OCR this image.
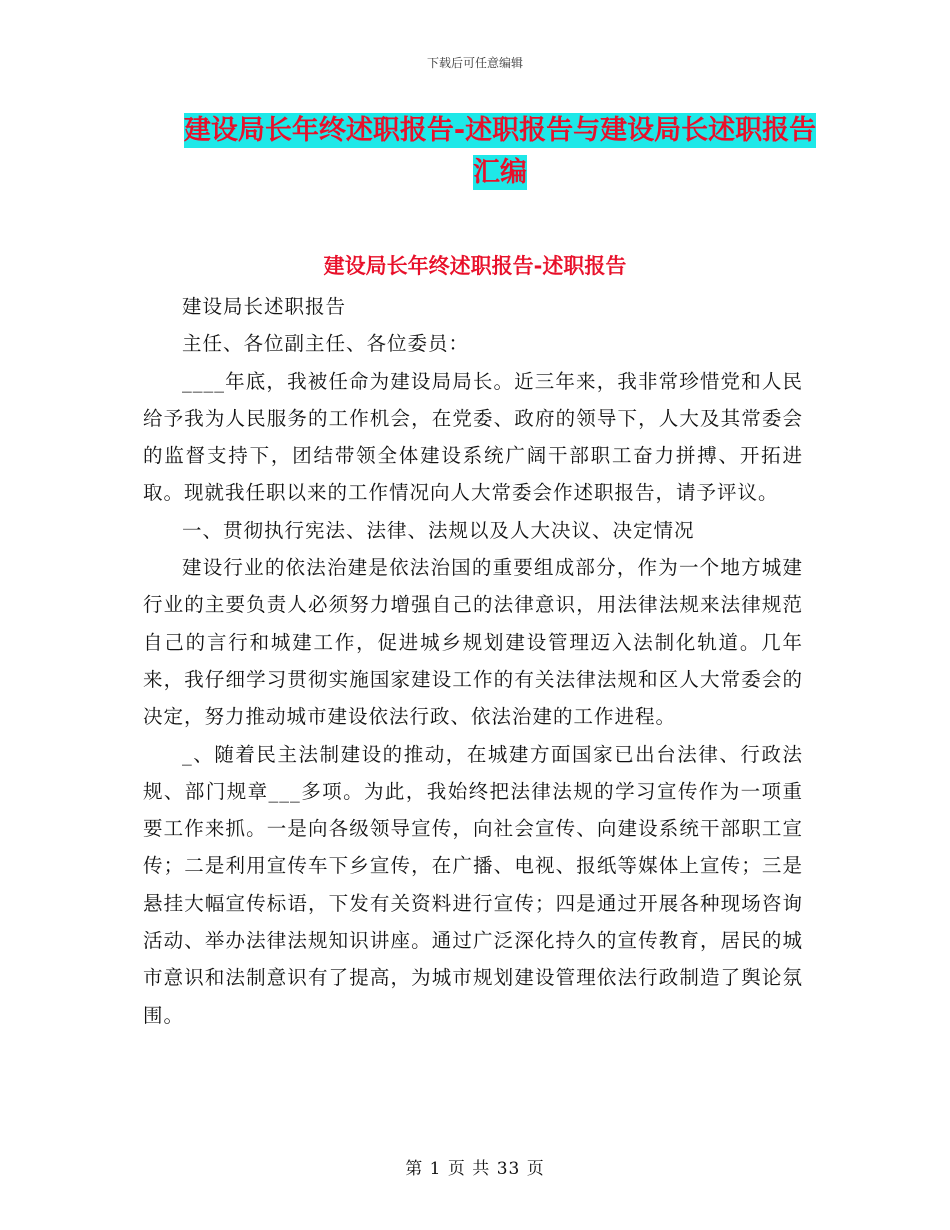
下载后可任意编辑
建设局长年终述职报告-述职报告与建设局长述职报告
汇编
建设局长年终述职报告-述职报告

建设局长述职报告

主任、各位副主任、各位委员：

____年底，我被任命为建设局局长。近三年来，我非常珍惜党和人民给予我为人民服务的工作机会，在党委、政府的领导下，人大及其常委会的监督支持下，团结带领全体建设系统广阔干部职工奋力拼搏、开拓进取。现就我任职以来的工作情况向人大常委会作述职报告，请予评议。

一、贯彻执行宪法、法律、法规以及人大决议、决定情况

建设行业的依法治建是依法治国的重要组成部分，作为一个地方城建行业的主要负责人必须努力增强自己的法律意识，用法律法规来法律规范自己的言行和城建工作，促进城乡规划建设管理迈入法制化轨道。几年来，我仔细学习贯彻实施国家建设工作的有关法律法规和区人大常委会的决定，努力推动城市建设依法行政、依法治建的工作进程。

_、随着民主法制建设的推动，在城建方面国家已出台法律、行政法规、部门规章___多项。为此，我始终把法律法规的学习宣传作为一项重要工作来抓。一是向各级领导宣传，向社会宣传、向建设系统干部职工宣传；二是利用宣传车下乡宣传，在广播、电视、报纸等媒体上宣传；三是悬挂大幅宣传标语，下发有关资料进行宣传；四是通过开展各种现场咨询活动、举办法律法规知识讲座。通过广泛深化持久的宣传教育，居民的城市意识和法制意识有了提高，为城市规划建设管理依法行政制造了舆论氛围。

第 1 页 共 33 页
